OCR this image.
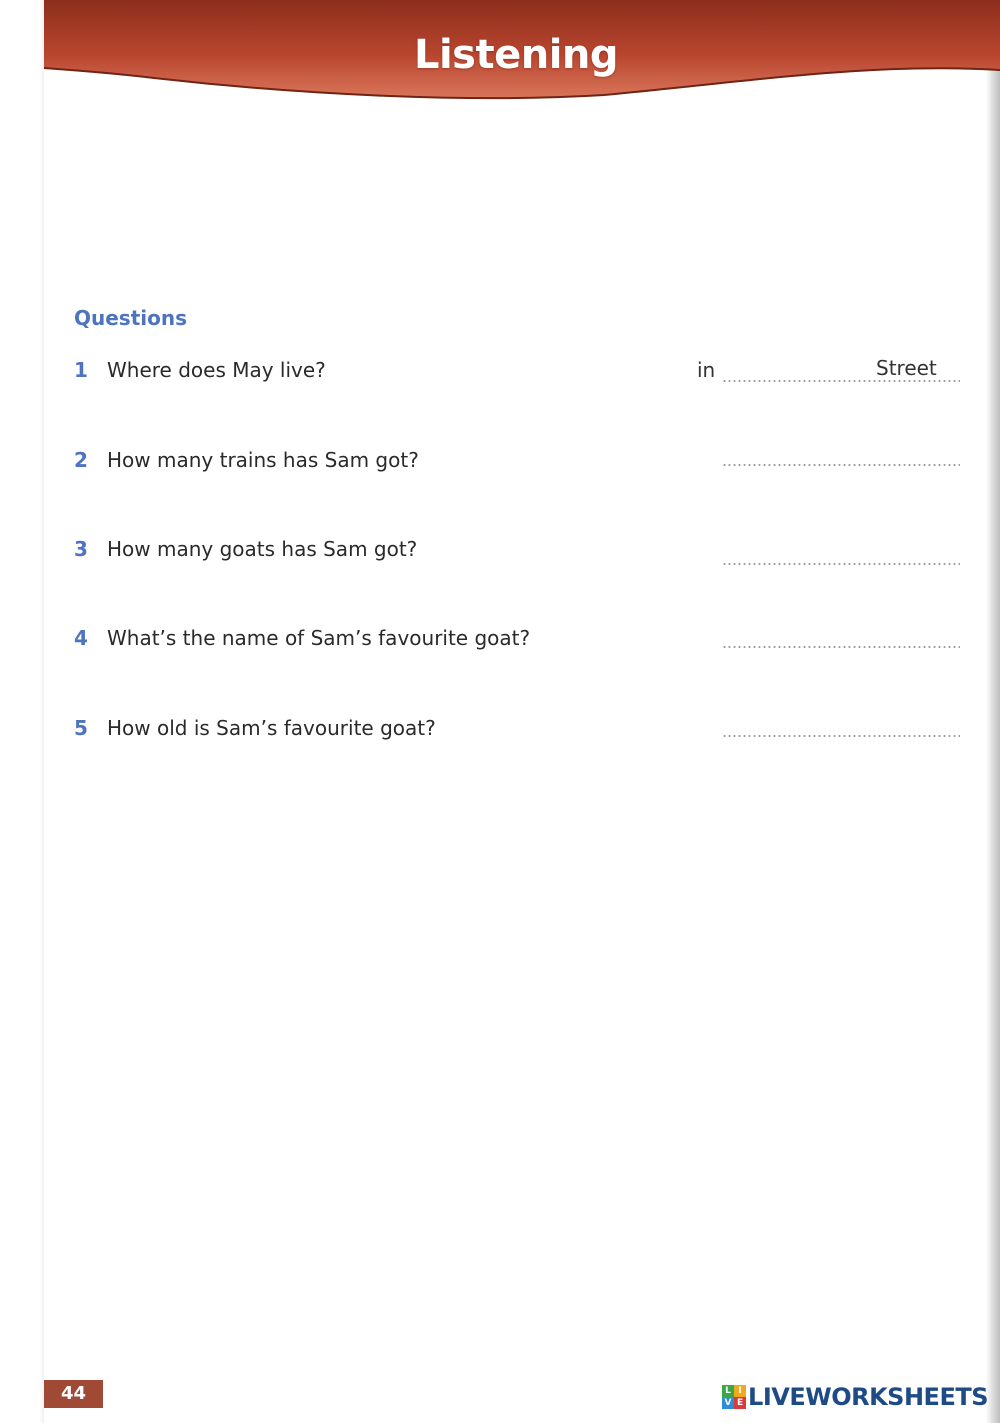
Listening
Questions
1 Where does May live?	in	Street
2 How many trains has Sam got?
3 How many goats has Sam got?
4 What’s the name of Sam’s favourite goat?
5 How old is Sam’s favourite goat?
44	L I
V E LIVEWORKSHEETS
